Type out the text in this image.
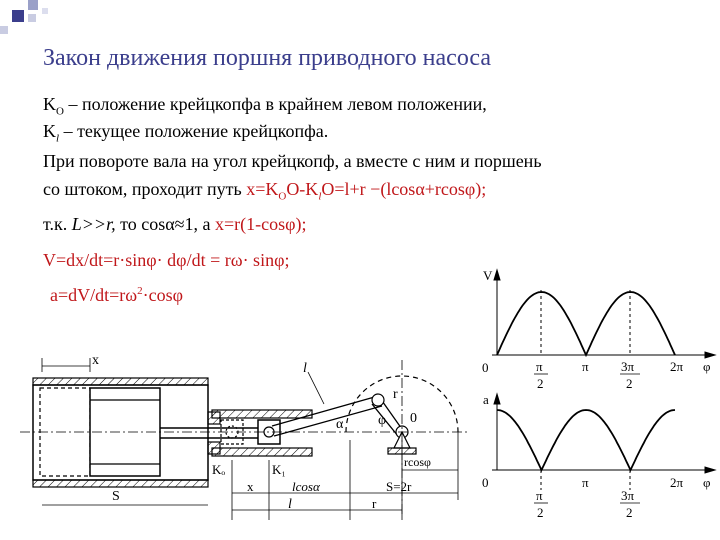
Закон движения поршня приводного насоса
$K_O$ – положение крейцкопфа в крайнем левом положении,
$K_l$ – текущее положение крейцкопфа.
При повороте вала на угол крейцкопф, а вместе с ним и поршень
со штоком, проходит путь $x=K_OO-K_lO=l+r -(lcos\alpha+rcos\varphi)$;
т.к. L>>r, то cosα≈1, а x=r(1-cosφ);
V=dx/dt=r·sinφ· dφ/dt = rω· sinφ;
$a=dV/dt=r\omega^2\cdot\cos\varphi$
x
S
l
α φ
r
0
Kₒ	K₁
x	lcosα
l	r
S=2r
rcosφ
V
0	π
2
π 3π
2
2π φ
a
0
π
2
π
3π
2
2π φ
